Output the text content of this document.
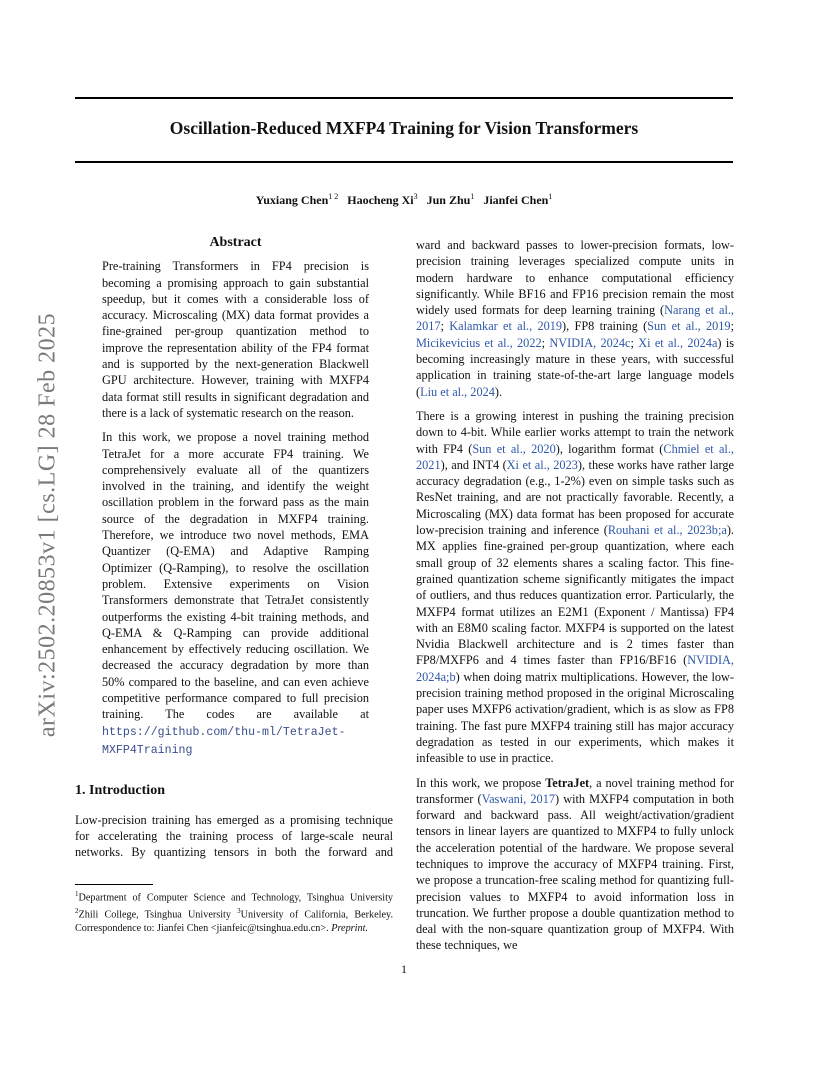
Oscillation-Reduced MXFP4 Training for Vision Transformers
Yuxiang Chen$^{1 2}$ Haocheng Xi$^3$ Jun Zhu$^1$ Jianfei Chen$^1$
arXiv:2502.20853v1 [cs.LG] 28 Feb 2025
Abstract

Pre-training Transformers in FP4 precision is becoming a promising approach to gain substantial speedup, but it comes with a considerable loss of accuracy. Microscaling (MX) data format provides a fine-grained per-group quantization method to improve the representation ability of the FP4 format and is supported by the next-generation Blackwell GPU architecture. However, training with MXFP4 data format still results in significant degradation and there is a lack of systematic research on the reason.

In this work, we propose a novel training method TetraJet for a more accurate FP4 training. We comprehensively evaluate all of the quantizers involved in the training, and identify the weight oscillation problem in the forward pass as the main source of the degradation in MXFP4 training. Therefore, we introduce two novel methods, EMA Quantizer (Q-EMA) and Adaptive Ramping Optimizer (Q-Ramping), to resolve the oscillation problem. Extensive experiments on Vision Transformers demonstrate that TetraJet consistently outperforms the existing 4-bit training methods, and Q-EMA & Q-Ramping can provide additional enhancement by effectively reducing oscillation. We decreased the accuracy degradation by more than 50% compared to the baseline, and can even achieve competitive performance compared to full precision training. The codes are available at https://github.com/thu-ml/TetraJet-MXFP4Training

1. Introduction

Low-precision training has emerged as a promising technique for accelerating the training process of large-scale neural networks. By quantizing tensors in both the forward and

ward and backward passes to lower-precision formats, low-precision training leverages specialized compute units in modern hardware to enhance computational efficiency significantly. While BF16 and FP16 precision remain the most widely used formats for deep learning training (Narang et al., 2017; Kalamkar et al., 2019), FP8 training (Sun et al., 2019; Micikevicius et al., 2022; NVIDIA, 2024c; Xi et al., 2024a) is becoming increasingly mature in these years, with successful application in training state-of-the-art large language models (Liu et al., 2024).

There is a growing interest in pushing the training precision down to 4-bit. While earlier works attempt to train the network with FP4 (Sun et al., 2020), logarithm format (Chmiel et al., 2021), and INT4 (Xi et al., 2023), these works have rather large accuracy degradation (e.g., 1-2%) even on simple tasks such as ResNet training, and are not practically favorable. Recently, a Microscaling (MX) data format has been proposed for accurate low-precision training and inference (Rouhani et al., 2023b;a). MX applies fine-grained per-group quantization, where each small group of 32 elements shares a scaling factor. This fine-grained quantization scheme significantly mitigates the impact of outliers, and thus reduces quantization error. Particularly, the MXFP4 format utilizes an E2M1 (Exponent / Mantissa) FP4 with an E8M0 scaling factor. MXFP4 is supported on the latest Nvidia Blackwell architecture and is 2 times faster than FP8/MXFP6 and 4 times faster than FP16/BF16 (NVIDIA, 2024a;b) when doing matrix multiplications. However, the low-precision training method proposed in the original Microscaling paper uses MXFP6 activation/gradient, which is as slow as FP8 training. The fast pure MXFP4 training still has major accuracy degradation as tested in our experiments, which makes it infeasible to use in practice.

In this work, we propose TetraJet, a novel training method for transformer (Vaswani, 2017) with MXFP4 computation in both forward and backward pass. All weight/activation/gradient tensors in linear layers are quantized to MXFP4 to fully unlock the acceleration potential of the hardware. We propose several techniques to improve the accuracy of MXFP4 training. First, we propose a truncation-free scaling method for quantizing full-precision values to MXFP4 to avoid information loss in truncation. We further propose a double quantization method to deal with the non-square quantization group of MXFP4. With these techniques, we

$^1$Department of Computer Science and Technology, Tsinghua University $^2$Zhili College, Tsinghua University $^3$University of California, Berkeley. Correspondence to: Jianfei Chen <jianfeic@tsinghua.edu.cn>. Preprint.
1
